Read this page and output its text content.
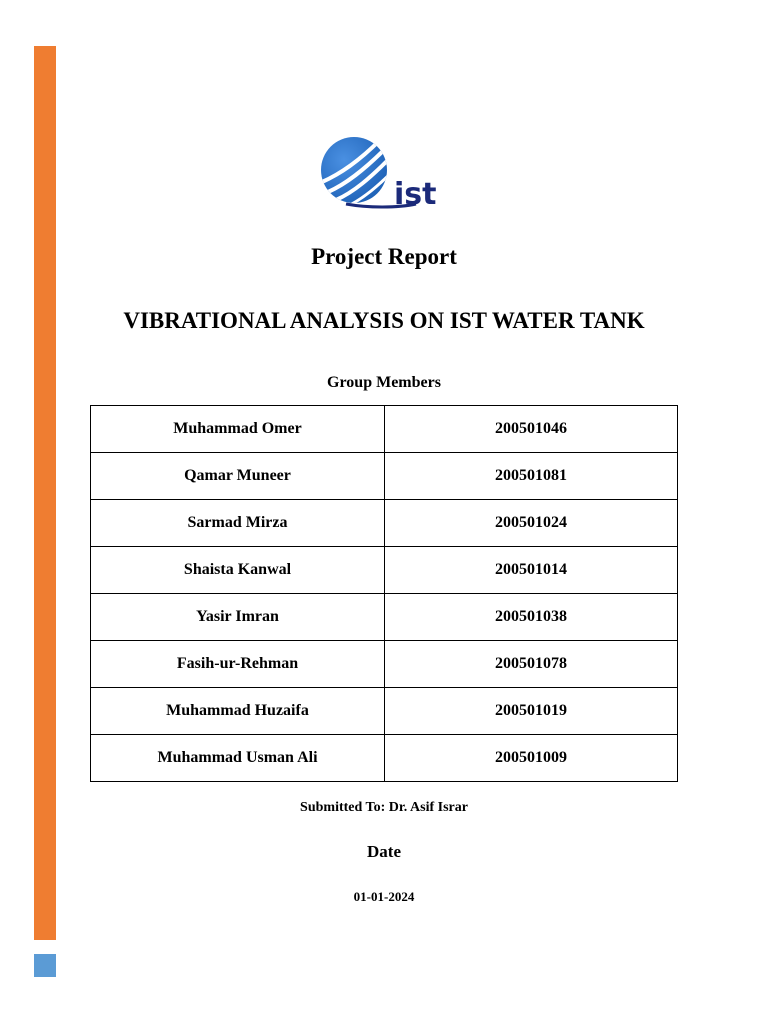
ist
Project Report
VIBRATIONAL ANALYSIS ON IST WATER TANK
Group Members
Muhammad Omer	200501046
Qamar Muneer	200501081
Sarmad Mirza	200501024
Shaista Kanwal	200501014
Yasir Imran	200501038
Fasih-ur-Rehman	200501078
Muhammad Huzaifa	200501019
Muhammad Usman Ali	200501009
Submitted To: Dr. Asif Israr
Date
01-01-2024
